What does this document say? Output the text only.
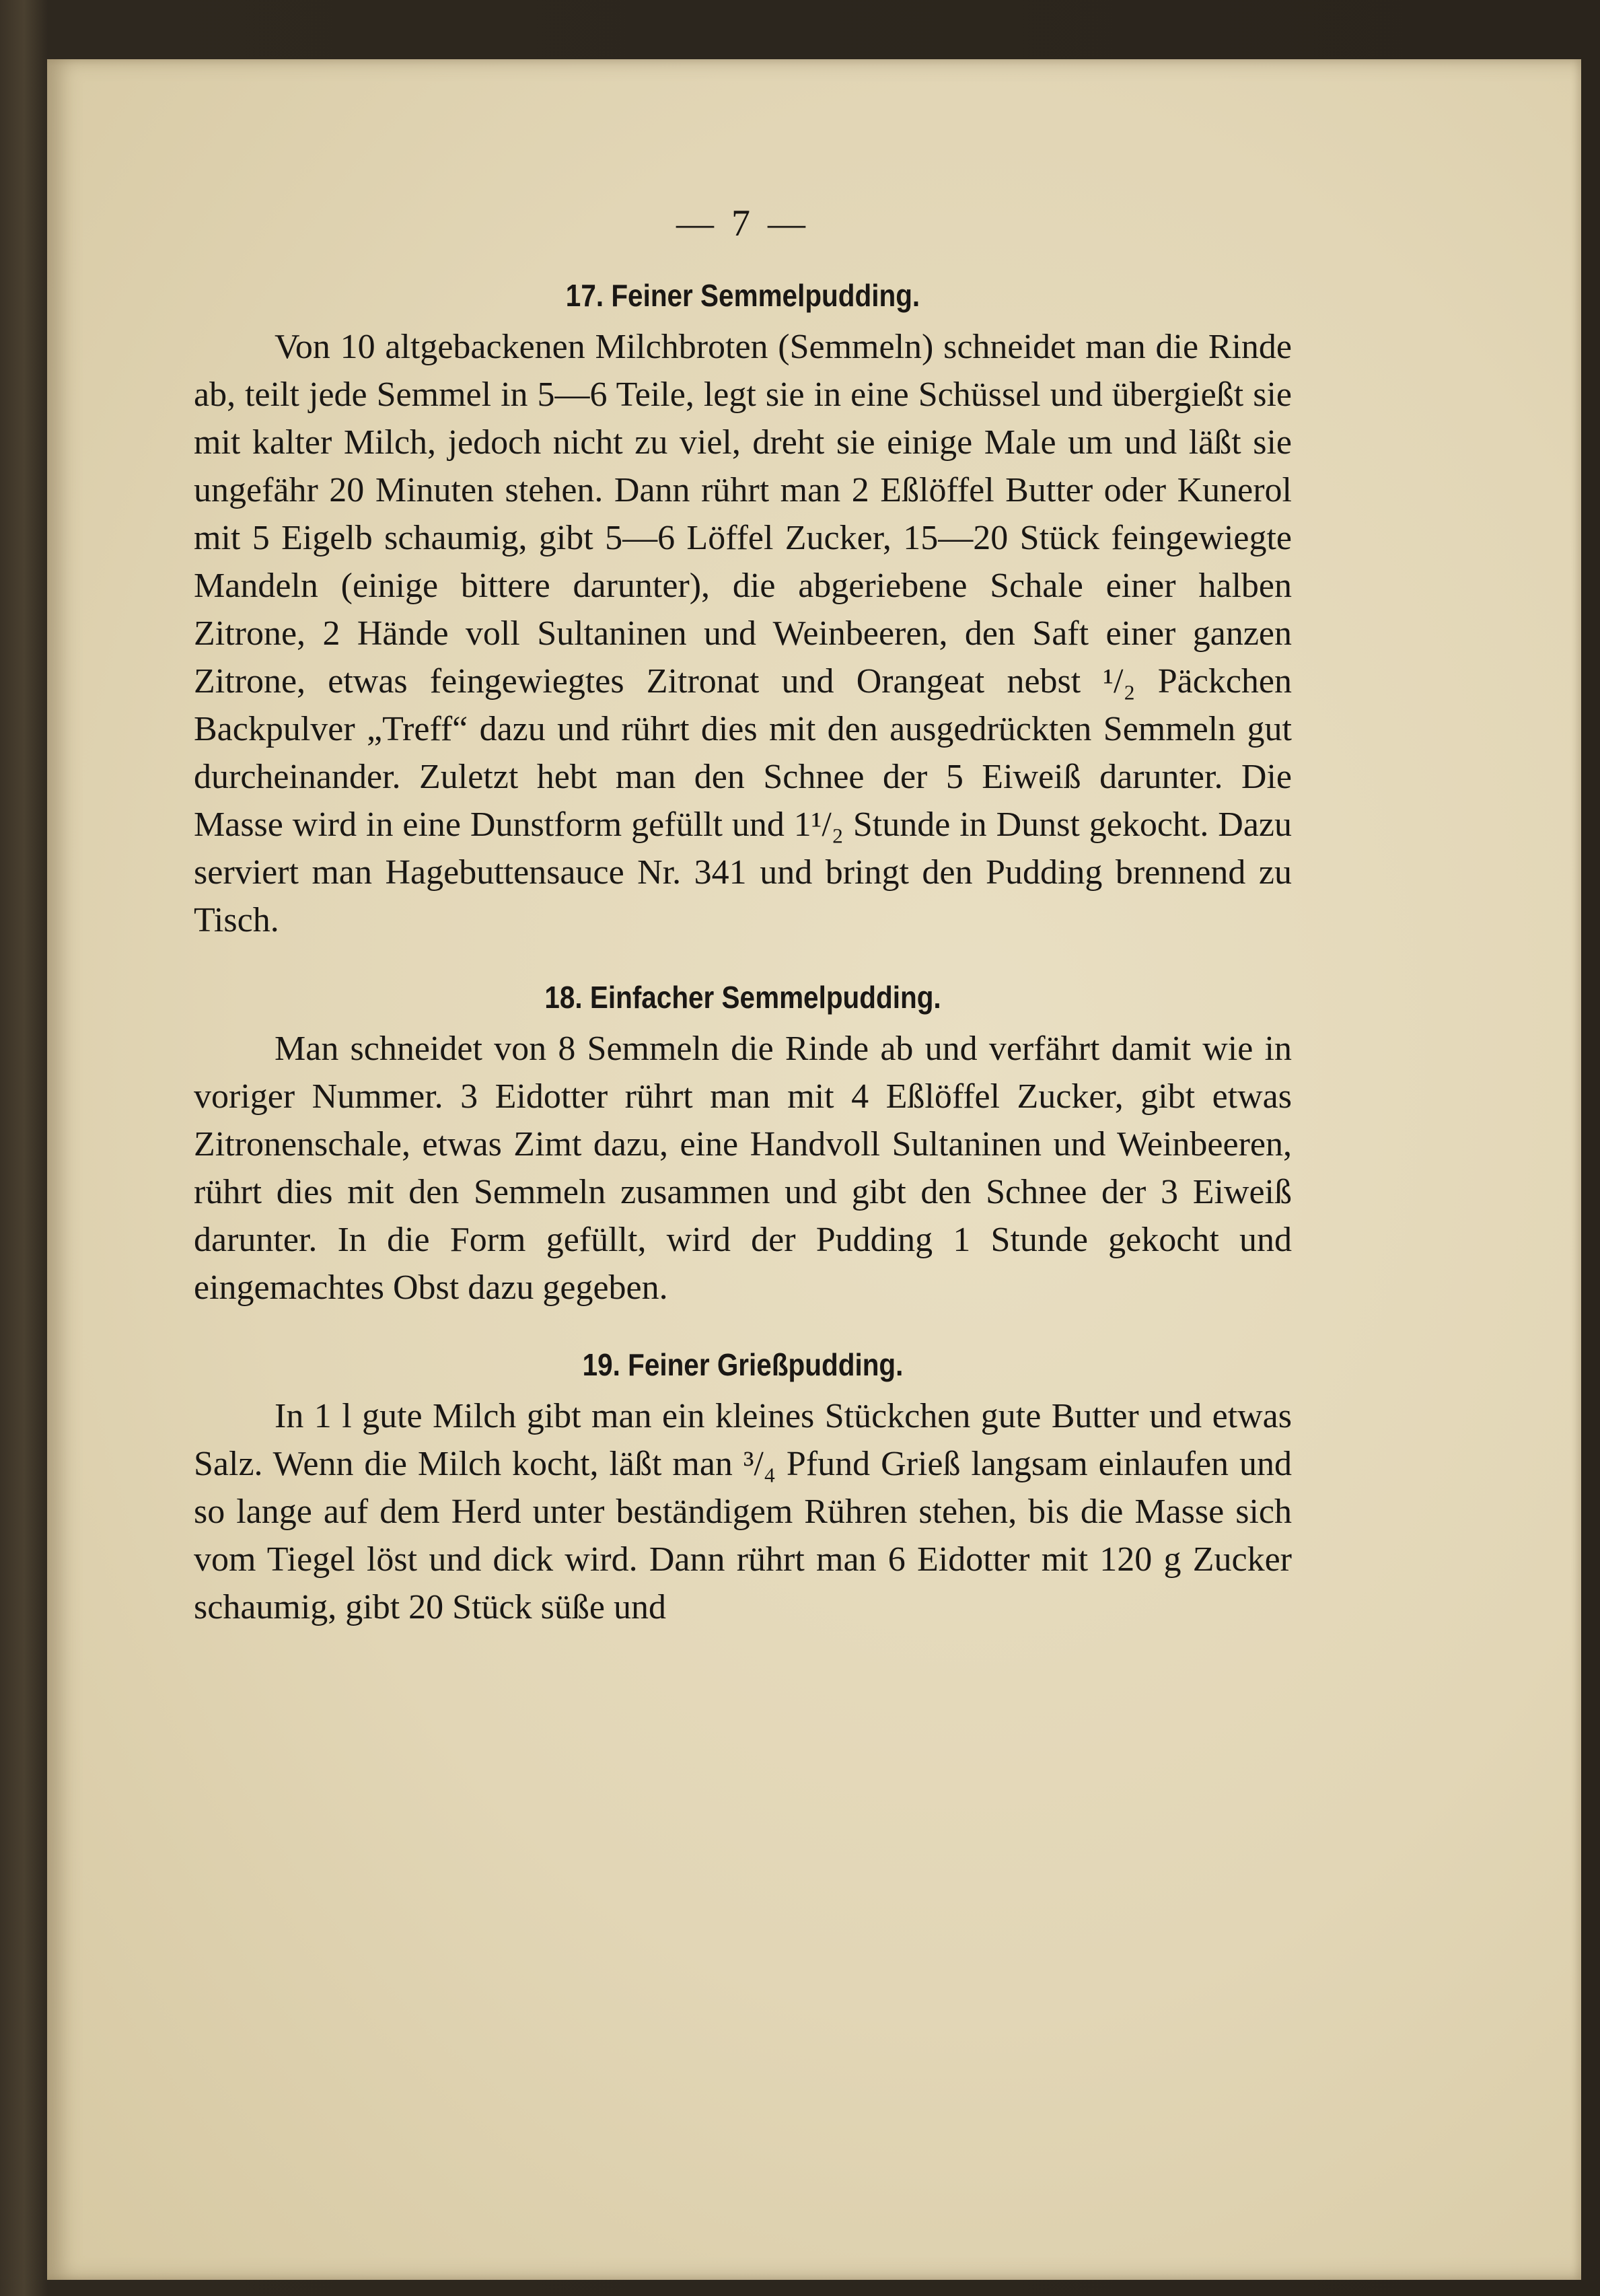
— 7 —
17. Feiner Semmelpudding.

Von 10 altgebackenen Milchbroten (Semmeln) schneidet man die Rinde ab, teilt jede Semmel in 5—6 Teile, legt sie in eine Schüssel und übergießt sie mit kalter Milch, jedoch nicht zu viel, dreht sie einige Male um und läßt sie ungefähr 20 Minuten stehen. Dann rührt man 2 Eßlöffel Butter oder Kunerol mit 5 Eigelb schaumig, gibt 5—6 Löffel Zucker, 15—20 Stück feingewiegte Mandeln (einige bittere darunter), die abgeriebene Schale einer halben Zitrone, 2 Hände voll Sultaninen und Weinbeeren, den Saft einer ganzen Zitrone, etwas feingewiegtes Zitronat und Orangeat nebst ¹/₂ Päckchen Backpulver „Treff“ dazu und rührt dies mit den ausgedrückten Semmeln gut durcheinander. Zuletzt hebt man den Schnee der 5 Eiweiß darunter. Die Masse wird in eine Dunstform gefüllt und 1¹/₂ Stunde in Dunst gekocht. Dazu serviert man Hagebuttensauce Nr. 341 und bringt den Pudding brennend zu Tisch.

18. Einfacher Semmelpudding.

Man schneidet von 8 Semmeln die Rinde ab und verfährt damit wie in voriger Nummer. 3 Eidotter rührt man mit 4 Eßlöffel Zucker, gibt etwas Zitronenschale, etwas Zimt dazu, eine Handvoll Sultaninen und Weinbeeren, rührt dies mit den Semmeln zusammen und gibt den Schnee der 3 Eiweiß darunter. In die Form gefüllt, wird der Pudding 1 Stunde gekocht und eingemachtes Obst dazu gegeben.

19. Feiner Grießpudding.

In 1 l gute Milch gibt man ein kleines Stückchen gute Butter und etwas Salz. Wenn die Milch kocht, läßt man ³/₄ Pfund Grieß langsam einlaufen und so lange auf dem Herd unter beständigem Rühren stehen, bis die Masse sich vom Tiegel löst und dick wird. Dann rührt man 6 Eidotter mit 120 g Zucker schaumig, gibt 20 Stück süße und
